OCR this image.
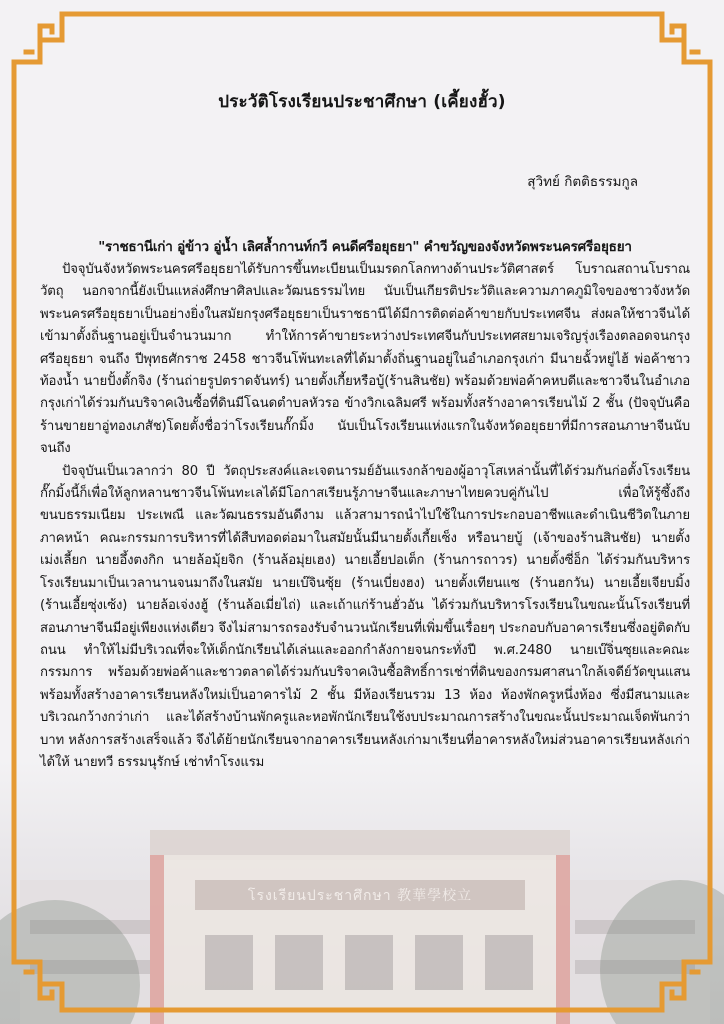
โรงเรียนประชาศึกษา 教華學校立
ประวัติโรงเรียนประชาศึกษา (เคี้ยงฮั้ว)
สุวิทย์ กิตติธรรมกูล

"ราชธานีเก่า อู่ข้าว อู่น้ำ เลิศล้ำกานท์กวี คนดีศรีอยุธยา" คำขวัญของจังหวัดพระนครศรีอยุธยา

ปัจจุบันจังหวัดพระนครศรีอยุธยาได้รับการขึ้นทะเบียนเป็นมรดกโลกทางด้านประวัติศาสตร์ โบราณสถานโบราณวัตถุ นอกจากนี้ยังเป็นแหล่งศึกษาศิลปและวัฒนธรรมไทย นับเป็นเกียรติประวัติและความภาคภูมิใจของชาวจังหวัดพระนครศรีอยุธยาเป็นอย่างยิ่งในสมัยกรุงศรีอยุธยาเป็นราชธานีได้มีการติดต่อค้าขายกับประเทศจีน ส่งผลให้ชาวจีนได้เข้ามาตั้งถิ่นฐานอยู่เป็นจำนวนมาก ทำให้การค้าขายระหว่างประเทศจีนกับประเทศสยามเจริญรุ่งเรืองตลอดจนกรุงศรีอยุธยา จนถึง ปีพุทธศักราช 2458 ชาวจีนโพ้นทะเลที่ได้มาตั้งถิ่นฐานอยู่ในอำเภอกรุงเก่า มีนายฉั้วหยู่ไฮ้ พ่อค้าชาวท้องน้ำ นายปั้งตั้กจิง (ร้านถ่ายรูปตราดจันทร์) นายตั้งเกี้ยหรือบู้(ร้านสินชัย) พร้อมด้วยพ่อค้าคหบดีและชาวจีนในอำเภอกรุงเก่าได้ร่วมกันบริจาคเงินซื้อที่ดินมีโฉนดตำบลหัวรอ ข้างวิกเฉลิมศรี พร้อมทั้งสร้างอาคารเรียนไม้ 2 ชั้น (ปัจจุบันคือร้านขายยาอู่ทองเภสัช)โดยตั้งชื่อว่าโรงเรียนกั๊กมิ้ง นับเป็นโรงเรียนแห่งแรกในจังหวัดอยุธยาที่มีการสอนภาษาจีนนับจนถึง

ปัจจุบันเป็นเวลากว่า 80 ปี วัตถุประสงค์และเจตนารมย์อันแรงกล้าของผู้อาวุโสเหล่านั้นที่ได้ร่วมกันก่อตั้งโรงเรียนกั๊กมิ้งนี้ก็เพื่อให้ลูกหลานชาวจีนโพ้นทะเลได้มีโอกาสเรียนรู้ภาษาจีนและภาษาไทยควบคู่กันไป เพื่อให้รู้ซึ้งถึงขนบธรรมเนียม ประเพณี และวัฒนธรรมอันดีงาม แล้วสามารถนำไปใช้ในการประกอบอาชีพและดำเนินชีวิตในภายภาคหน้า คณะกรรมการบริหารที่ได้สืบทอดต่อมาในสมัยนั้นมีนายตั้งเกี้ยเซ็ง หรือนายบู้ (เจ้าของร้านสินชัย) นายตั้งเม่งเลี้ยก นายอึ้งตงกิก นายล้อมุ้ยจิก (ร้านล้อมุ่ยเฮง) นายเอี้ยปอเต็ก (ร้านการถาวร) นายตั้งซี่อ็ก ได้ร่วมกันบริหารโรงเรียนมาเป็นเวลานานจนมาถึงในสมัย นายเบ๊จินซุ้ย (ร้านเบี่ยงฮง) นายตั้งเทียนแซ (ร้านฮกวัน) นายเอี้ยเจียบมิ้ง (ร้านเอี้ยซุ่งเซ้ง) นายล้อเจ่งงฮู้ (ร้านล้อเมี่ยไถ่) และเถ้าแก่ร้านฮั่วอัน ได้ร่วมกันบริหารโรงเรียนในขณะนั้นโรงเรียนที่สอนภาษาจีนมีอยู่เพียงแห่งเดียว จึงไม่สามารถรองรับจำนวนนักเรียนที่เพิ่มขึ้นเรื่อยๆ ประกอบกับอาคารเรียนซึ่งอยู่ติดกับถนน ทำให้ไม่มีบริเวณที่จะให้เด็กนักเรียนได้เล่นและออกกำลังกายจนกระทั่งปี พ.ศ.2480 นายเบ๊จิ่นซุยและคณะกรรมการ พร้อมด้วยพ่อค้าและชาวตลาดได้ร่วมกันบริจาคเงินซื้อสิทธิ์การเช่าที่ดินของกรมศาสนาใกล้เจดีย์วัดขุนแสน พร้อมทั้งสร้างอาคารเรียนหลังใหม่เป็นอาคารไม้ 2 ชั้น มีห้องเรียนรวม 13 ห้อง ห้องพักครูหนึ่งห้อง ซึ่งมีสนามและบริเวณกว้างกว่าเก่า และได้สร้างบ้านพักครูและหอพักนักเรียนใช้งบประมาณการสร้างในขณะนั้นประมาณเจ็ดพันกว่าบาท หลังการสร้างเสร็จแล้ว จึงได้ย้ายนักเรียนจากอาคารเรียนหลังเก่ามาเรียนที่อาคารหลังใหม่ส่วนอาคารเรียนหลังเก่าได้ให้ นายทวี ธรรมนุรักษ์ เช่าทำโรงแรม
